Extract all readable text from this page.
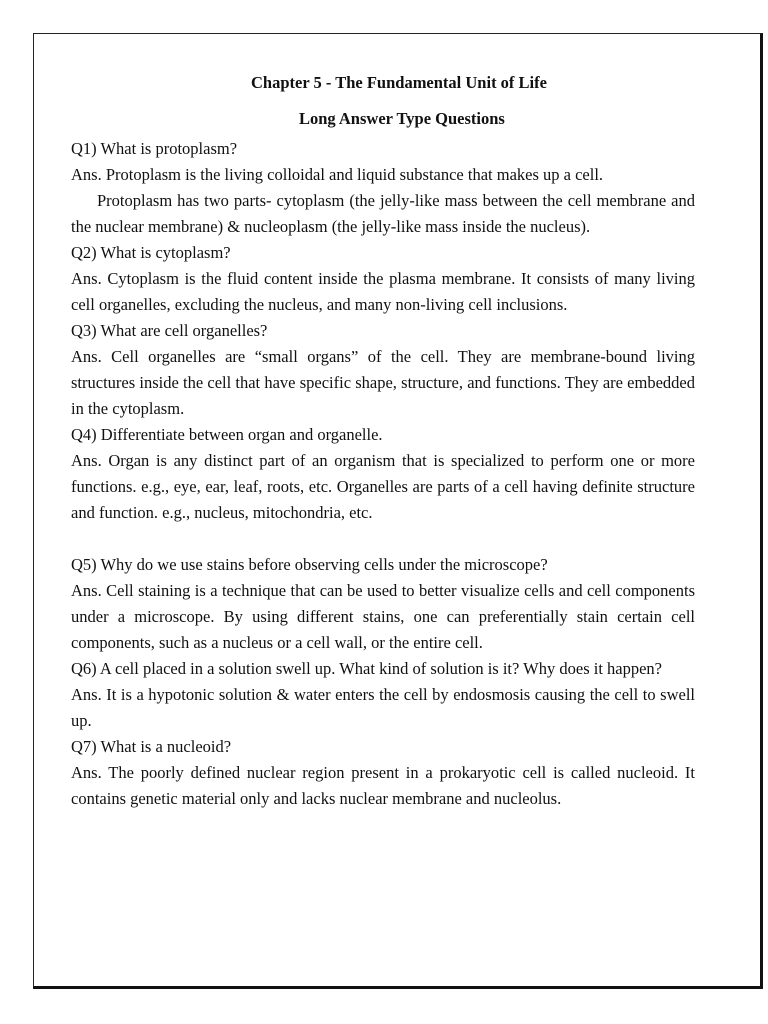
Chapter 5 - The Fundamental Unit of Life

Long Answer Type Questions

Q1) What is protoplasm?

Ans. Protoplasm is the living colloidal and liquid substance that makes up a cell.

Protoplasm has two parts- cytoplasm (the jelly-like mass between the cell membrane and the nuclear membrane) & nucleoplasm (the jelly-like mass inside the nucleus).

Q2) What is cytoplasm?

Ans. Cytoplasm is the fluid content inside the plasma membrane. It consists of many living cell organelles, excluding the nucleus, and many non-living cell inclusions.

Q3) What are cell organelles?

Ans. Cell organelles are “small organs” of the cell. They are membrane-bound living structures inside the cell that have specific shape, structure, and functions. They are embedded in the cytoplasm.

Q4) Differentiate between organ and organelle.

Ans. Organ is any distinct part of an organism that is specialized to perform one or more functions. e.g., eye, ear, leaf, roots, etc. Organelles are parts of a cell having definite structure and function. e.g., nucleus, mitochondria, etc.

Q5) Why do we use stains before observing cells under the microscope?

Ans. Cell staining is a technique that can be used to better visualize cells and cell components under a microscope. By using different stains, one can preferentially stain certain cell components, such as a nucleus or a cell wall, or the entire cell.

Q6) A cell placed in a solution swell up. What kind of solution is it? Why does it happen?

Ans. It is a hypotonic solution & water enters the cell by endosmosis causing the cell to swell up.

Q7) What is a nucleoid?

Ans. The poorly defined nuclear region present in a prokaryotic cell is called nucleoid. It contains genetic material only and lacks nuclear membrane and nucleolus.
